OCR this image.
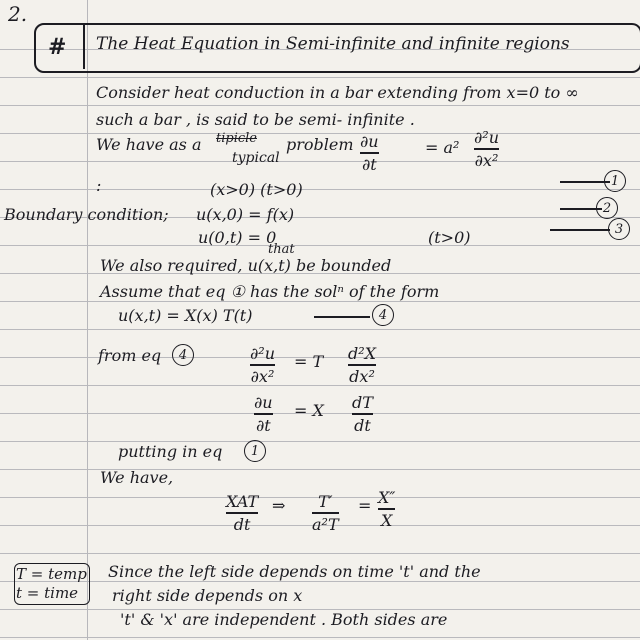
2.
# The Heat Equation in Semi-infinite and infinite regions
Consider heat conduction in a bar extending from x=0 to ∞
such a bar , is said to be semi- infinite .
We have as a tipicle
typical
problem ∂u
∂t
= a²
∂²u
∂x²
:	(x>0) (t>0)	1
2
3
Boundary condition; u(x,0) = f(x)
u(0,t) = 0	(t>0)
that
We also required, u(x,t) be bounded
Assume that eq ① has the solⁿ of the form
u(x,t) = X(x) T(t)	4
from eq	4	∂²u
∂x²
= T d²X
dx²
∂u
∂t
= X dT
dt
putting in eq	1
We have,
XAT
dt
⇒ T′
a²T
= X″
X
T = temp
t = time
Since the left side depends on time 't' and the
right side depends on x
't' & 'x' are independent . Both sides are
